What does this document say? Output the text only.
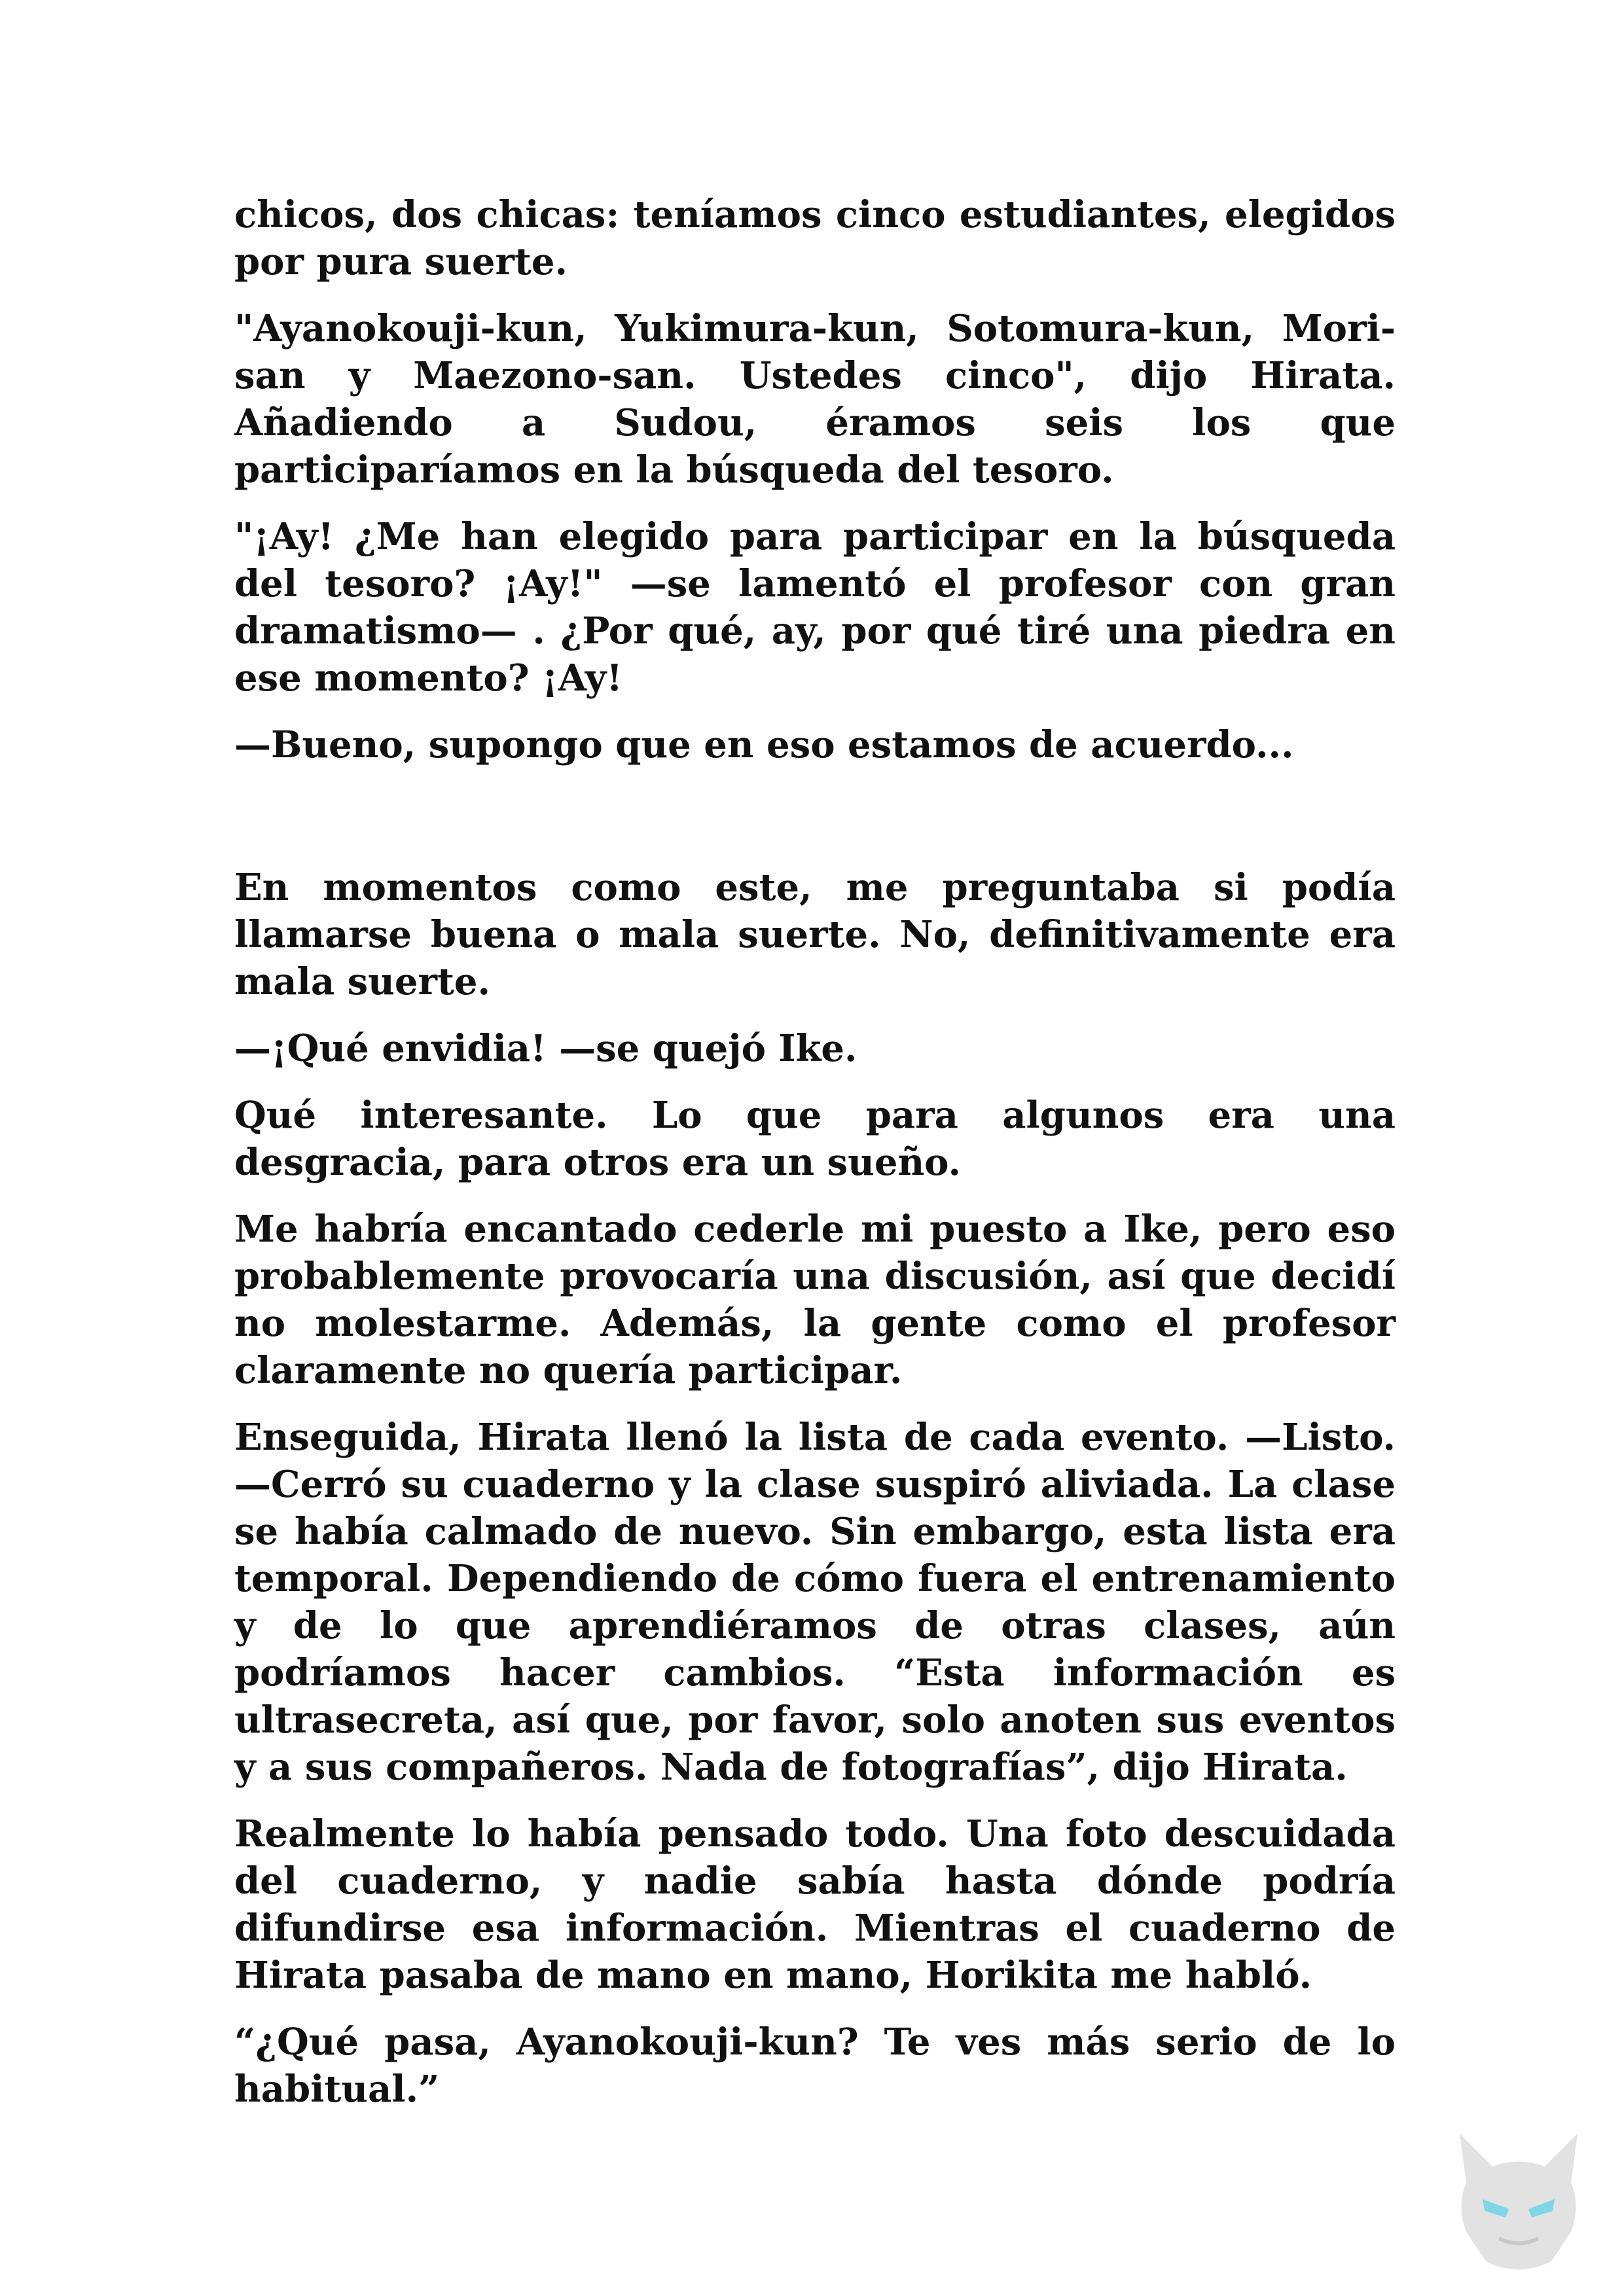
chicos, dos chicas: teníamos cinco estudiantes, elegidos por pura suerte.

"Ayanokouji-kun, Yukimura-kun, Sotomura-kun, Mori-san y Maezono-san. Ustedes cinco", dijo Hirata. Añadiendo a Sudou, éramos seis los que participaríamos en la búsqueda del tesoro.

"¡Ay! ¿Me han elegido para participar en la búsqueda del tesoro? ¡Ay!" —se lamentó el profesor con gran dramatismo— . ¿Por qué, ay, por qué tiré una piedra en ese momento? ¡Ay!

—Bueno, supongo que en eso estamos de acuerdo...

En momentos como este, me preguntaba si podía llamarse buena o mala suerte. No, definitivamente era mala suerte.

—¡Qué envidia! —se quejó Ike.

Qué interesante. Lo que para algunos era una desgracia, para otros era un sueño.

Me habría encantado cederle mi puesto a Ike, pero eso probablemente provocaría una discusión, así que decidí no molestarme. Además, la gente como el profesor claramente no quería participar.

Enseguida, Hirata llenó la lista de cada evento. —Listo. —Cerró su cuaderno y la clase suspiró aliviada. La clase se había calmado de nuevo. Sin embargo, esta lista era temporal. Dependiendo de cómo fuera el entrenamiento y de lo que aprendiéramos de otras clases, aún podríamos hacer cambios. “Esta información es ultrasecreta, así que, por favor, solo anoten sus eventos y a sus compañeros. Nada de fotografías”, dijo Hirata.

Realmente lo había pensado todo. Una foto descuidada del cuaderno, y nadie sabía hasta dónde podría difundirse esa información. Mientras el cuaderno de Hirata pasaba de mano en mano, Horikita me habló.

“¿Qué pasa, Ayanokouji-kun? Te ves más serio de lo habitual.”
